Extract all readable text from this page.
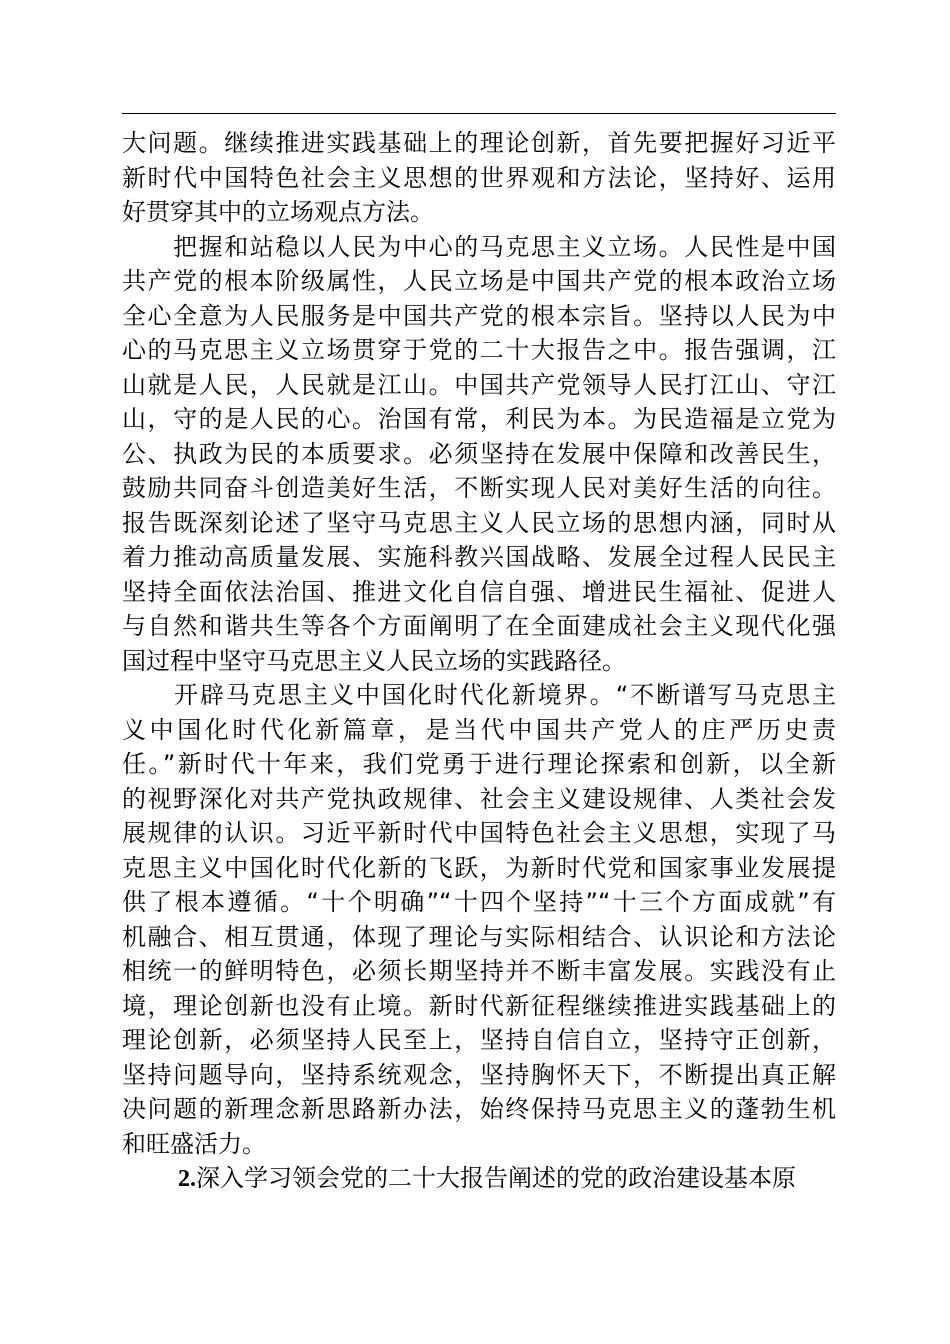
大问题。继续推进实践基础上的理论创新，首先要把握好习近平
新时代中国特色社会主义思想的世界观和方法论，坚持好、运用
好贯穿其中的立场观点方法。
　　把握和站稳以人民为中心的马克思主义立场。人民性是中国
共产党的根本阶级属性，人民立场是中国共产党的根本政治立场
全心全意为人民服务是中国共产党的根本宗旨。坚持以人民为中
心的马克思主义立场贯穿于党的二十大报告之中。报告强调，江
山就是人民，人民就是江山。中国共产党领导人民打江山、守江
山，守的是人民的心。治国有常，利民为本。为民造福是立党为
公、执政为民的本质要求。必须坚持在发展中保障和改善民生，
鼓励共同奋斗创造美好生活，不断实现人民对美好生活的向往。
报告既深刻论述了坚守马克思主义人民立场的思想内涵，同时从
着力推动高质量发展、实施科教兴国战略、发展全过程人民民主
坚持全面依法治国、推进文化自信自强、增进民生福祉、促进人
与自然和谐共生等各个方面阐明了在全面建成社会主义现代化强
国过程中坚守马克思主义人民立场的实践路径。
　　开辟马克思主义中国化时代化新境界。“不断谱写马克思主
义中国化时代化新篇章，是当代中国共产党人的庄严历史责
任。”新时代十年来，我们党勇于进行理论探索和创新，以全新
的视野深化对共产党执政规律、社会主义建设规律、人类社会发
展规律的认识。习近平新时代中国特色社会主义思想，实现了马
克思主义中国化时代化新的飞跃，为新时代党和国家事业发展提
供了根本遵循。“十个明确”“十四个坚持”“十三个方面成就”有
机融合、相互贯通，体现了理论与实际相结合、认识论和方法论
相统一的鲜明特色，必须长期坚持并不断丰富发展。实践没有止
境，理论创新也没有止境。新时代新征程继续推进实践基础上的
理论创新，必须坚持人民至上，坚持自信自立，坚持守正创新，
坚持问题导向，坚持系统观念，坚持胸怀天下，不断提出真正解
决问题的新理念新思路新办法，始终保持马克思主义的蓬勃生机
和旺盛活力。
2.深入学习领会党的二十大报告阐述的党的政治建设基本原
